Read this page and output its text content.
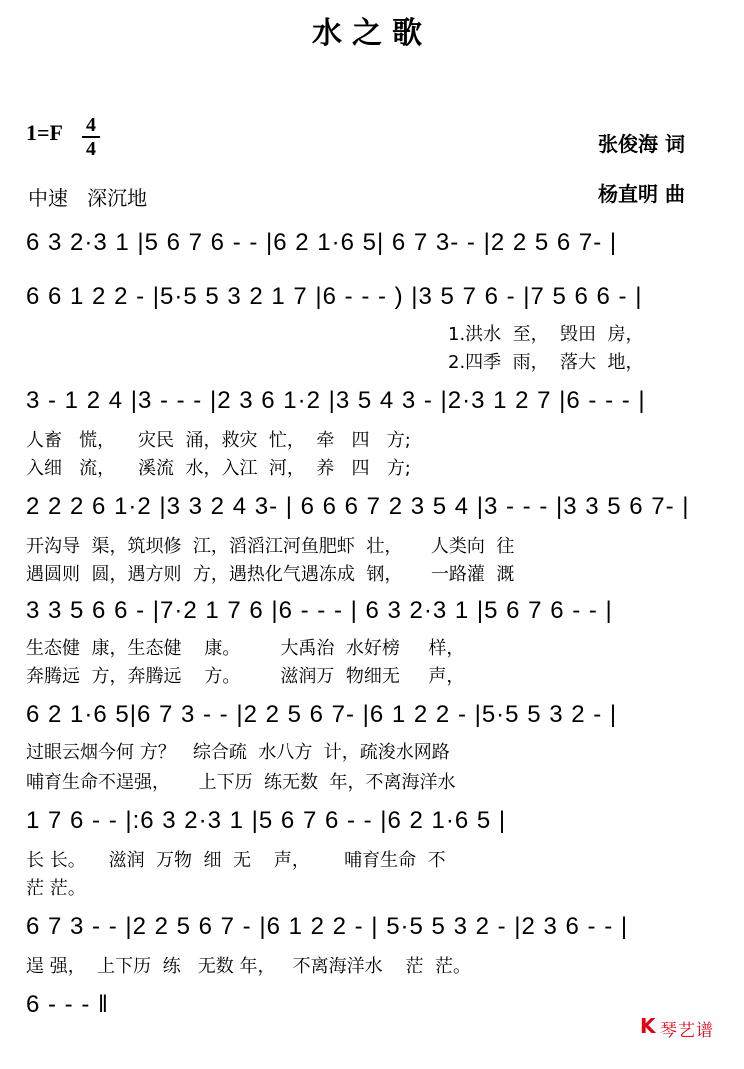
水之歌
1=F	4
4	张俊海 词
杨直明 曲
中速   深沉地
6 3 2·3 1 |5 6 7 6 - - |6 2 1·6 5| 6 7 3- - |2 2 5 6 7- |
6 6 1 2 2 - |5·5 5 3 2 1 7 |6 - - - ) |3 5 7 6 - |7 5 6 6 - |
1.洪水  至，  毁田  房，
2.四季  雨，  落大  地，
3 - 1 2 4 |3 - - - |2 3 6 1·2 |3 5 4 3 - |2·3 1 2 7 |6 - - - |
人畜   慌，    灾民  涌，救灾  忙，  牵   四   方;
入细   流，    溪流  水，入江  河，  养   四   方;
2 2 2 6 1·2 |3 3 2 4 3- | 6 6 6 7 2 3 5 4 |3 - - - |3 3 5 6 7- |
开沟导  渠，筑坝修  江，滔滔江河鱼肥虾  壮，     人类向  往
遇圆则  圆，遇方则  方，遇热化气遇冻成  钢，     一路灌  溉
3 3 5 6 6 - |7·2 1 7 6 |6 - - - | 6 3 2·3 1 |5 6 7 6 - - |
生态健  康，生态健    康。       大禹治  水好榜     样，
奔腾远  方，奔腾远    方。       滋润万  物细无     声，
6 2 1·6 5|6 7 3 - - |2 2 5 6 7- |6 1 2 2 - |5·5 5 3 2 - |
过眼云烟今何 方？   综合疏  水八方  计，疏浚水网路
哺育生命不逞强，     上下历  练无数  年，不离海洋水
1 7 6 - - |:6 3 2·3 1 |5 6 7 6 - - |6 2 1·6 5 |
长 长。    滋润  万物  细  无    声，      哺育生命  不
茫 茫。
6 7 3 - - |2 2 5 6 7 - |6 1 2 2 - | 5·5 5 3 2 - |2 3 6 - - |
逞 强，  上下历  练   无数 年，   不离海洋水    茫  茫。
6 - - - ‖

K

琴艺谱
